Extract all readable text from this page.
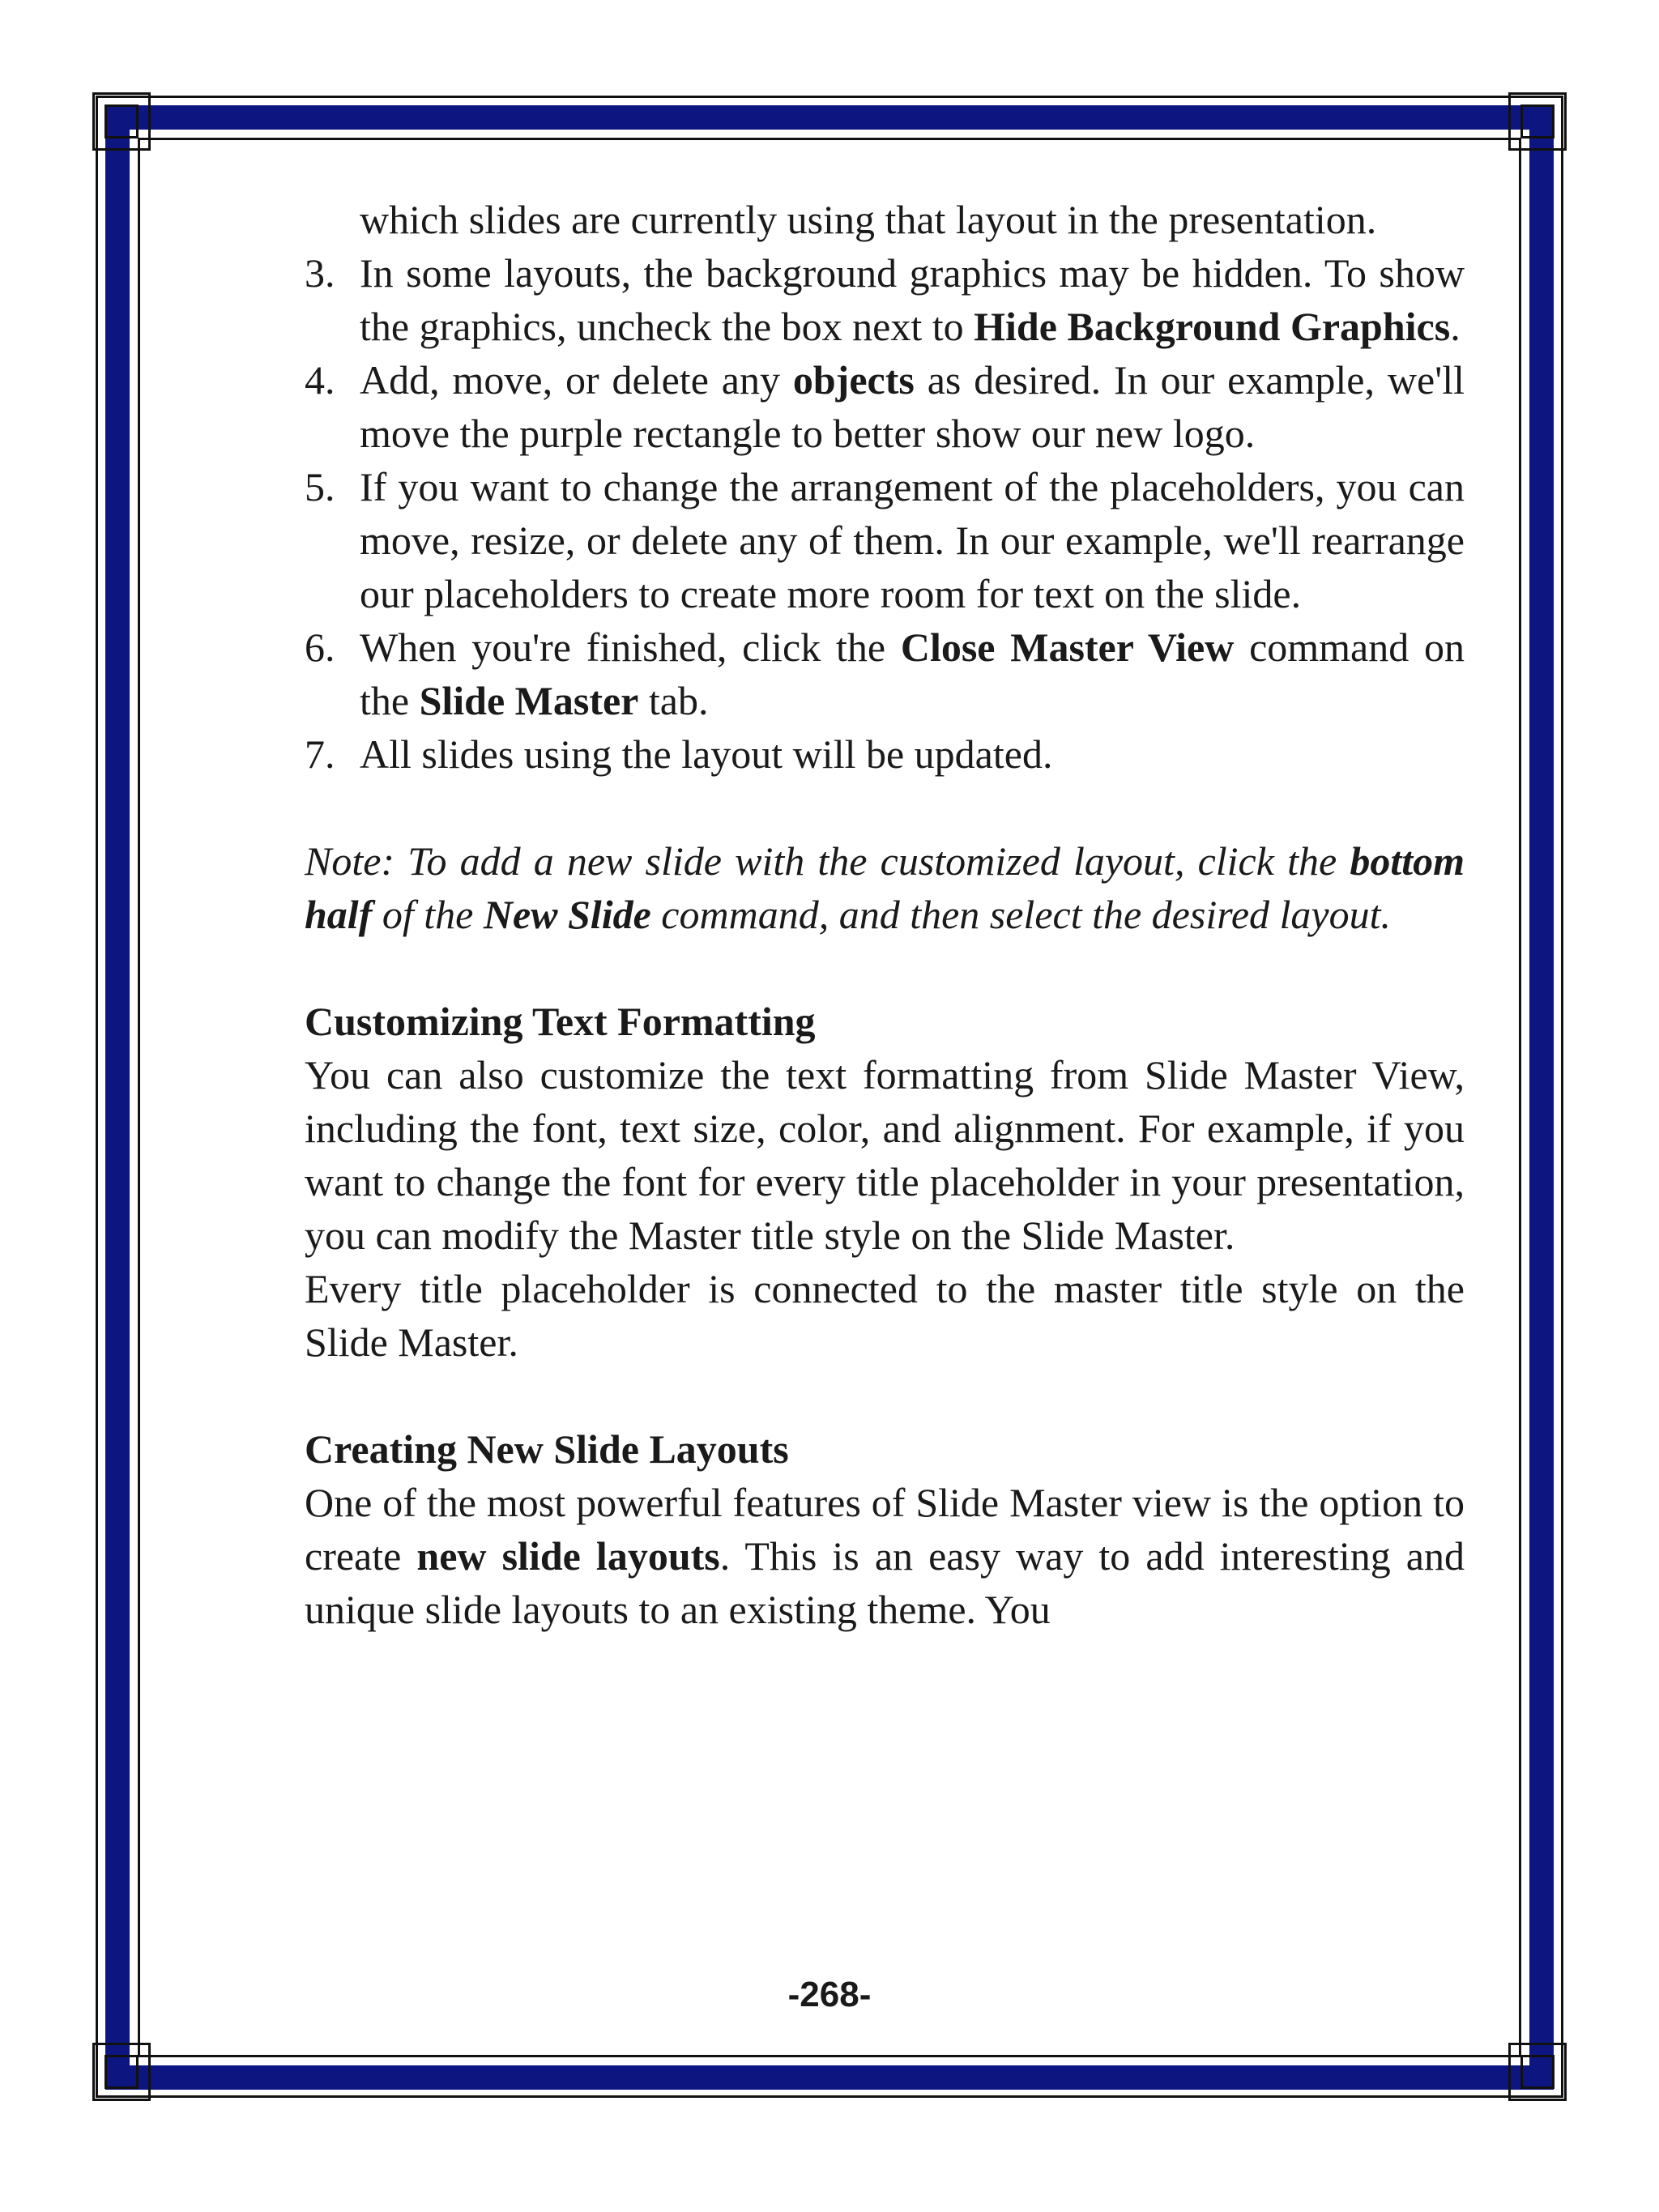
which slides are currently using that layout in the presentation.

3. In some layouts, the background graphics may be hidden. To show the graphics, uncheck the box next to Hide Background Graphics.
4. Add, move, or delete any objects as desired. In our example, we'll move the purple rectangle to better show our new logo.
5. If you want to change the arrangement of the placeholders, you can move, resize, or delete any of them. In our example, we'll rearrange our placeholders to create more room for text on the slide.
6. When you're finished, click the Close Master View command on the Slide Master tab.
7. All slides using the layout will be updated.

Note: To add a new slide with the customized layout, click the bottom half of the New Slide command, and then select the desired layout.

Customizing Text Formatting

You can also customize the text formatting from Slide Master View, including the font, text size, color, and alignment. For example, if you want to change the font for every title placeholder in your presentation, you can modify the Master title style on the Slide Master.

Every title placeholder is connected to the master title style on the Slide Master.

Creating New Slide Layouts

One of the most powerful features of Slide Master view is the option to create new slide layouts. This is an easy way to add interesting and unique slide layouts to an existing theme. You

-268-
